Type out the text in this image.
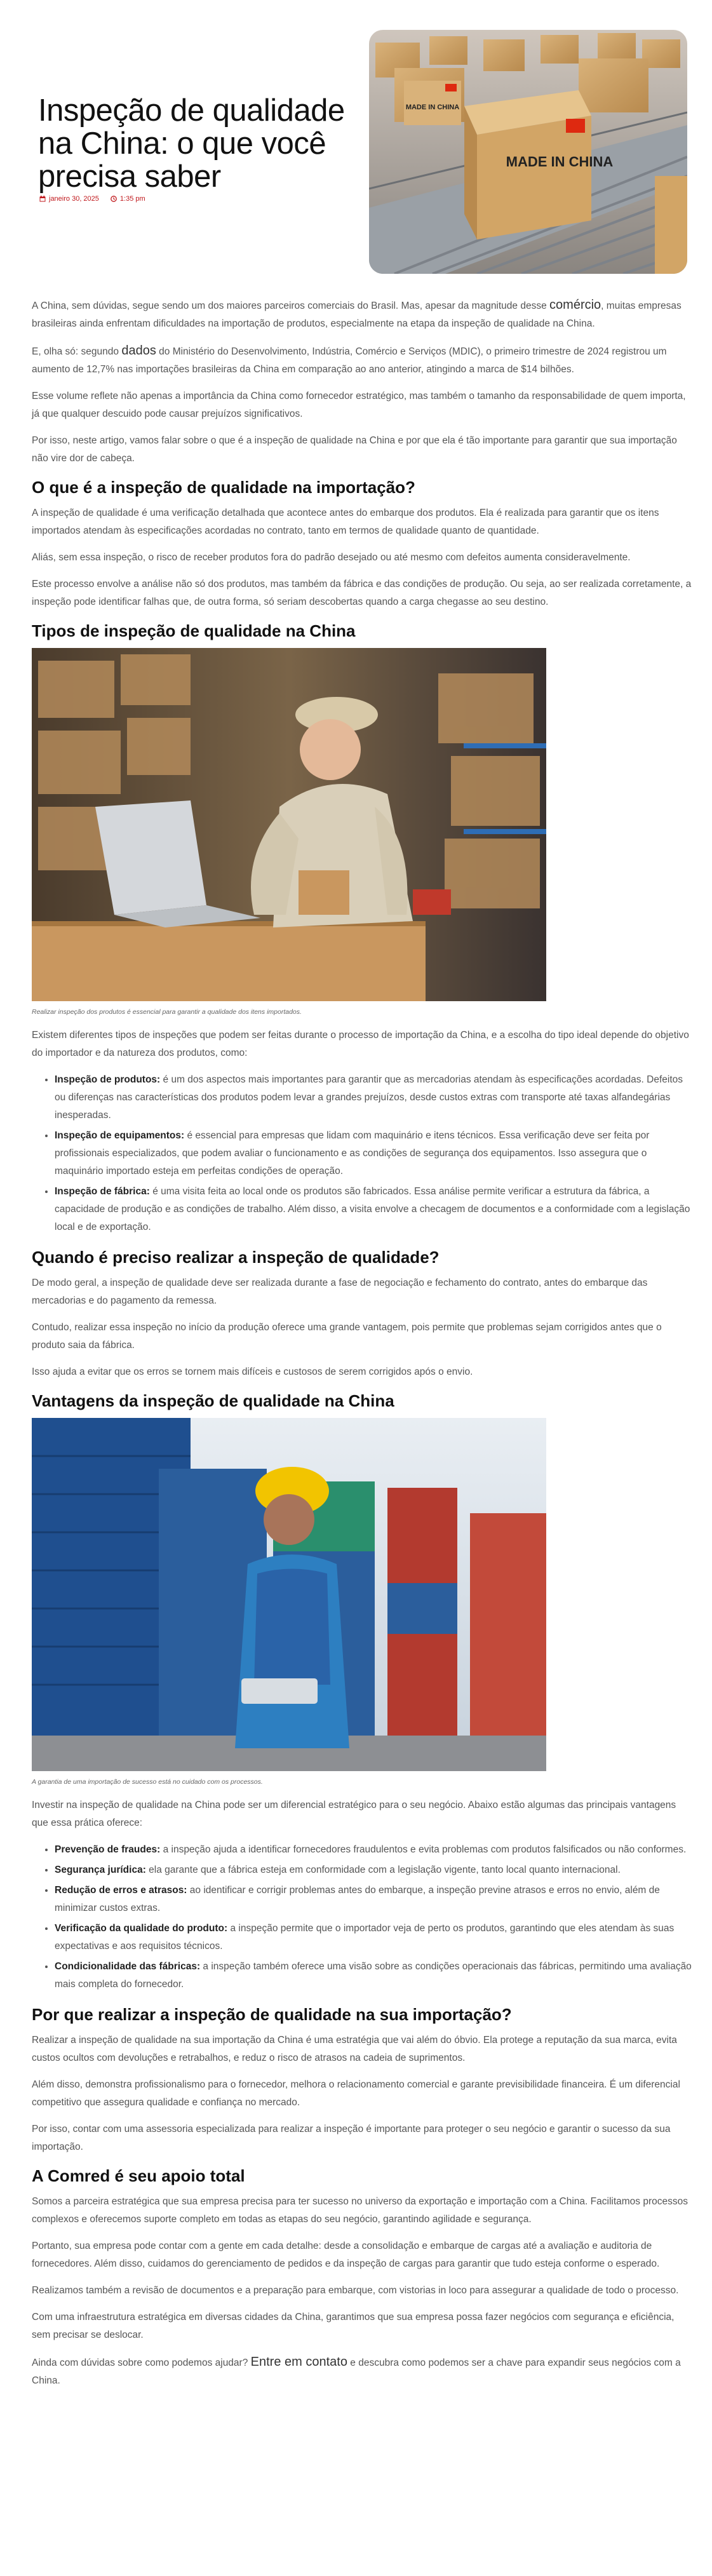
Inspeção de qualidade na China: o que você precisa saber
janeiro 30, 2025	1:35 pm
MADE IN CHINA
MADE IN CHINA

A China, sem dúvidas, segue sendo um dos maiores parceiros comerciais do Brasil. Mas, apesar da magnitude desse comércio, muitas empresas brasileiras ainda enfrentam dificuldades na importação de produtos, especialmente na etapa da inspeção de qualidade na China.

E, olha só: segundo dados do Ministério do Desenvolvimento, Indústria, Comércio e Serviços (MDIC), o primeiro trimestre de 2024 registrou um aumento de 12,7% nas importações brasileiras da China em comparação ao ano anterior, atingindo a marca de $14 bilhões.

Esse volume reflete não apenas a importância da China como fornecedor estratégico, mas também o tamanho da responsabilidade de quem importa, já que qualquer descuido pode causar prejuízos significativos.

Por isso, neste artigo, vamos falar sobre o que é a inspeção de qualidade na China e por que ela é tão importante para garantir que sua importação não vire dor de cabeça.

O que é a inspeção de qualidade na importação?

A inspeção de qualidade é uma verificação detalhada que acontece antes do embarque dos produtos. Ela é realizada para garantir que os itens importados atendam às especificações acordadas no contrato, tanto em termos de qualidade quanto de quantidade.

Aliás, sem essa inspeção, o risco de receber produtos fora do padrão desejado ou até mesmo com defeitos aumenta consideravelmente.

Este processo envolve a análise não só dos produtos, mas também da fábrica e das condições de produção. Ou seja, ao ser realizada corretamente, a inspeção pode identificar falhas que, de outra forma, só seriam descobertas quando a carga chegasse ao seu destino.

Tipos de inspeção de qualidade na China

Realizar inspeção dos produtos é essencial para garantir a qualidade dos itens importados.

Existem diferentes tipos de inspeções que podem ser feitas durante o processo de importação da China, e a escolha do tipo ideal depende do objetivo do importador e da natureza dos produtos, como:

• Inspeção de produtos: é um dos aspectos mais importantes para garantir que as mercadorias atendam às especificações acordadas. Defeitos ou diferenças nas características dos produtos podem levar a grandes prejuízos, desde custos extras com transporte até taxas alfandegárias inesperadas.
• Inspeção de equipamentos: é essencial para empresas que lidam com maquinário e itens técnicos. Essa verificação deve ser feita por profissionais especializados, que podem avaliar o funcionamento e as condições de segurança dos equipamentos. Isso assegura que o maquinário importado esteja em perfeitas condições de operação.
• Inspeção de fábrica: é uma visita feita ao local onde os produtos são fabricados. Essa análise permite verificar a estrutura da fábrica, a capacidade de produção e as condições de trabalho. Além disso, a visita envolve a checagem de documentos e a conformidade com a legislação local e de exportação.
Quando é preciso realizar a inspeção de qualidade?

De modo geral, a inspeção de qualidade deve ser realizada durante a fase de negociação e fechamento do contrato, antes do embarque das mercadorias e do pagamento da remessa.

Contudo, realizar essa inspeção no início da produção oferece uma grande vantagem, pois permite que problemas sejam corrigidos antes que o produto saia da fábrica.

Isso ajuda a evitar que os erros se tornem mais difíceis e custosos de serem corrigidos após o envio.

Vantagens da inspeção de qualidade na China

A garantia de uma importação de sucesso está no cuidado com os processos.

Investir na inspeção de qualidade na China pode ser um diferencial estratégico para o seu negócio. Abaixo estão algumas das principais vantagens que essa prática oferece:

• Prevenção de fraudes: a inspeção ajuda a identificar fornecedores fraudulentos e evita problemas com produtos falsificados ou não conformes.
• Segurança jurídica: ela garante que a fábrica esteja em conformidade com a legislação vigente, tanto local quanto internacional.
• Redução de erros e atrasos: ao identificar e corrigir problemas antes do embarque, a inspeção previne atrasos e erros no envio, além de minimizar custos extras.
• Verificação da qualidade do produto: a inspeção permite que o importador veja de perto os produtos, garantindo que eles atendam às suas expectativas e aos requisitos técnicos.
• Condicionalidade das fábricas: a inspeção também oferece uma visão sobre as condições operacionais das fábricas, permitindo uma avaliação mais completa do fornecedor.
Por que realizar a inspeção de qualidade na sua importação?

Realizar a inspeção de qualidade na sua importação da China é uma estratégia que vai além do óbvio. Ela protege a reputação da sua marca, evita custos ocultos com devoluções e retrabalhos, e reduz o risco de atrasos na cadeia de suprimentos.

Além disso, demonstra profissionalismo para o fornecedor, melhora o relacionamento comercial e garante previsibilidade financeira. É um diferencial competitivo que assegura qualidade e confiança no mercado.

Por isso, contar com uma assessoria especializada para realizar a inspeção é importante para proteger o seu negócio e garantir o sucesso da sua importação.

A Comred é seu apoio total

Somos a parceira estratégica que sua empresa precisa para ter sucesso no universo da exportação e importação com a China. Facilitamos processos complexos e oferecemos suporte completo em todas as etapas do seu negócio, garantindo agilidade e segurança.

Portanto, sua empresa pode contar com a gente em cada detalhe: desde a consolidação e embarque de cargas até a avaliação e auditoria de fornecedores. Além disso, cuidamos do gerenciamento de pedidos e da inspeção de cargas para garantir que tudo esteja conforme o esperado.

Realizamos também a revisão de documentos e a preparação para embarque, com vistorias in loco para assegurar a qualidade de todo o processo.

Com uma infraestrutura estratégica em diversas cidades da China, garantimos que sua empresa possa fazer negócios com segurança e eficiência, sem precisar se deslocar.

Ainda com dúvidas sobre como podemos ajudar? Entre em contato e descubra como podemos ser a chave para expandir seus negócios com a China.
